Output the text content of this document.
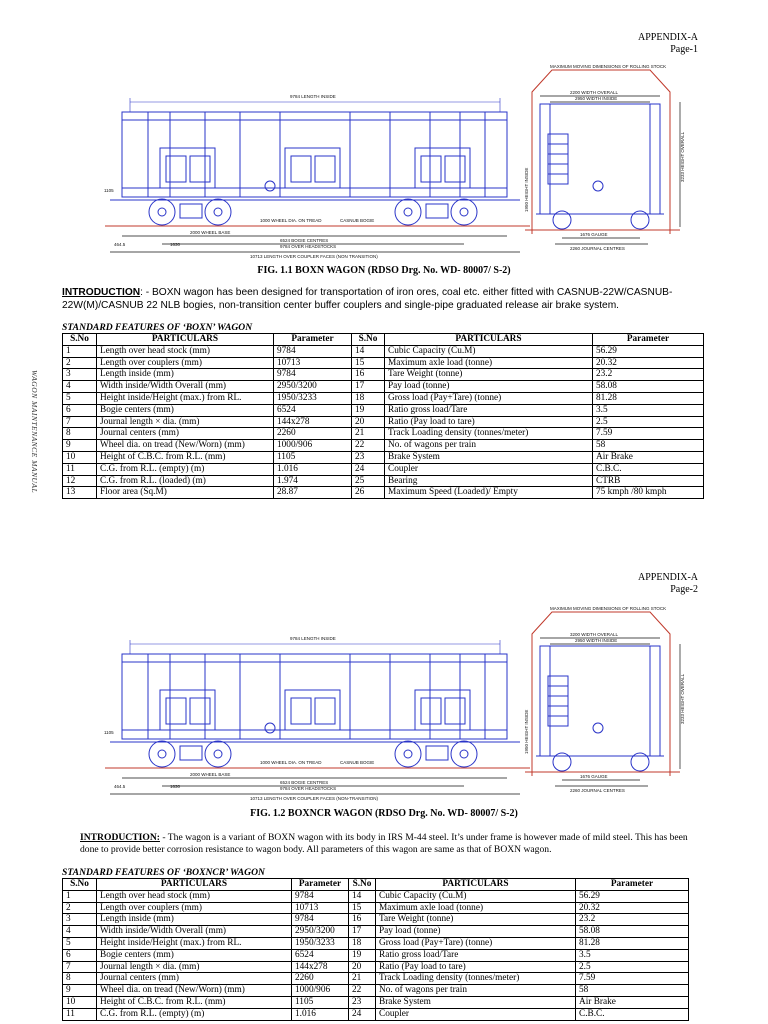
WAGON MAINTENANCE MANUAL
APPENDIX-A
Page-1
9784 LENGTH INSIDE
2000 WHEEL BASE
6524 BOGIE CENTRES
9784 OVER HEADSTOCKS
10713 LENGTH OVER COUPLER FACES (NON TRANSITION)
1000 WHEEL DIA. ON TREAD	CASNUB BOGIE
464.5	1630
1105
2200 WIDTH OVERALL
2950 WIDTH INSIDE
1676 GAUGE
2260 JOURNAL CENTRES
MAXIMUM MOVING DIMENSIONS OF ROLLING STOCK
3233 HEIGHT OVERALL
1950 HEIGHT INSIDE
FIG. 1.1 BOXN WAGON (RDSO Drg. No. WD- 80007/ S-2)
INTRODUCTION: - BOXN wagon has been designed for transportation of iron ores, coal etc. either fitted with CASNUB-22W/CASNUB-22W(M)/CASNUB 22 NLB bogies, non-transition center buffer couplers and single-pipe graduated release air brake system.
STANDARD FEATURES OF ‘BOXN’ WAGON
S.No	PARTICULARS	Parameter	S.No	PARTICULARS	Parameter
1	Length over head stock (mm)	9784	14	Cubic Capacity (Cu.M)	56.29
2	Length over couplers (mm)	10713	15	Maximum axle load (tonne)	20.32
3	Length inside (mm)	9784	16	Tare Weight (tonne)	23.2
4	Width inside/Width Overall (mm)	2950/3200	17	Pay load (tonne)	58.08
5	Height inside/Height (max.) from RL.	1950/3233	18	Gross load (Pay+Tare) (tonne)	81.28
6	Bogie centers (mm)	6524	19	Ratio gross load/Tare	3.5
7	Journal length × dia. (mm)	144x278	20	Ratio (Pay load to tare)	2.5
8	Journal centers (mm)	2260	21	Track Loading density (tonnes/meter)	7.59
9	Wheel dia. on tread (New/Worn) (mm)	1000/906	22	No. of wagons per train	58
10	Height of C.B.C. from R.L. (mm)	1105	23	Brake System	Air Brake
11	C.G. from R.L. (empty) (m)	1.016	24	Coupler	C.B.C.
12	C.G. from R.L. (loaded) (m)	1.974	25	Bearing	CTRB
13	Floor area (Sq.M)	28.87	26	Maximum Speed (Loaded)/ Empty	75 kmph /80 kmph
APPENDIX-A
Page-2
9784 LENGTH INSIDE
2000 WHEEL BASE
6524 BOGIE CENTRES
9784 OVER HEADSTOCKS
10713 LENGTH OVER COUPLER FACES (NON-TRANSITION)
1000 WHEEL DIA. ON TREAD	CASNUB BOGIE
464.5	1630
1105
3200 WIDTH OVERALL
2950 WIDTH INSIDE
1676 GAUGE
2260 JOURNAL CENTRES
MAXIMUM MOVING DIMENSIONS OF ROLLING STOCK
3233 HEIGHT OVERALL
1950 HEIGHT INSIDE
FIG. 1.2 BOXNCR WAGON (RDSO Drg. No. WD- 80007/ S-2)
INTRODUCTION: - The wagon is a variant of BOXN wagon with its body in IRS M-44 steel. It’s under frame is however made of mild steel. This has been done to provide better corrosion resistance to wagon body. All parameters of this wagon are same as that of BOXN wagon.
STANDARD FEATURES OF ‘BOXNCR’ WAGON
S.No	PARTICULARS	Parameter	S.No	PARTICULARS	Parameter
1	Length over head stock (mm)	9784	14	Cubic Capacity (Cu.M)	56.29
2	Length over couplers (mm)	10713	15	Maximum axle load (tonne)	20.32
3	Length inside (mm)	9784	16	Tare Weight (tonne)	23.2
4	Width inside/Width Overall (mm)	2950/3200	17	Pay load (tonne)	58.08
5	Height inside/Height (max.) from RL.	1950/3233	18	Gross load (Pay+Tare) (tonne)	81.28
6	Bogie centers (mm)	6524	19	Ratio gross load/Tare	3.5
7	Journal length × dia. (mm)	144x278	20	Ratio (Pay load to tare)	2.5
8	Journal centers (mm)	2260	21	Track Loading density (tonnes/meter)	7.59
9	Wheel dia. on tread (New/Worn) (mm)	1000/906	22	No. of wagons per train	58
10	Height of C.B.C. from R.L. (mm)	1105	23	Brake System	Air Brake
11	C.G. from R.L. (empty) (m)	1.016	24	Coupler	C.B.C.
